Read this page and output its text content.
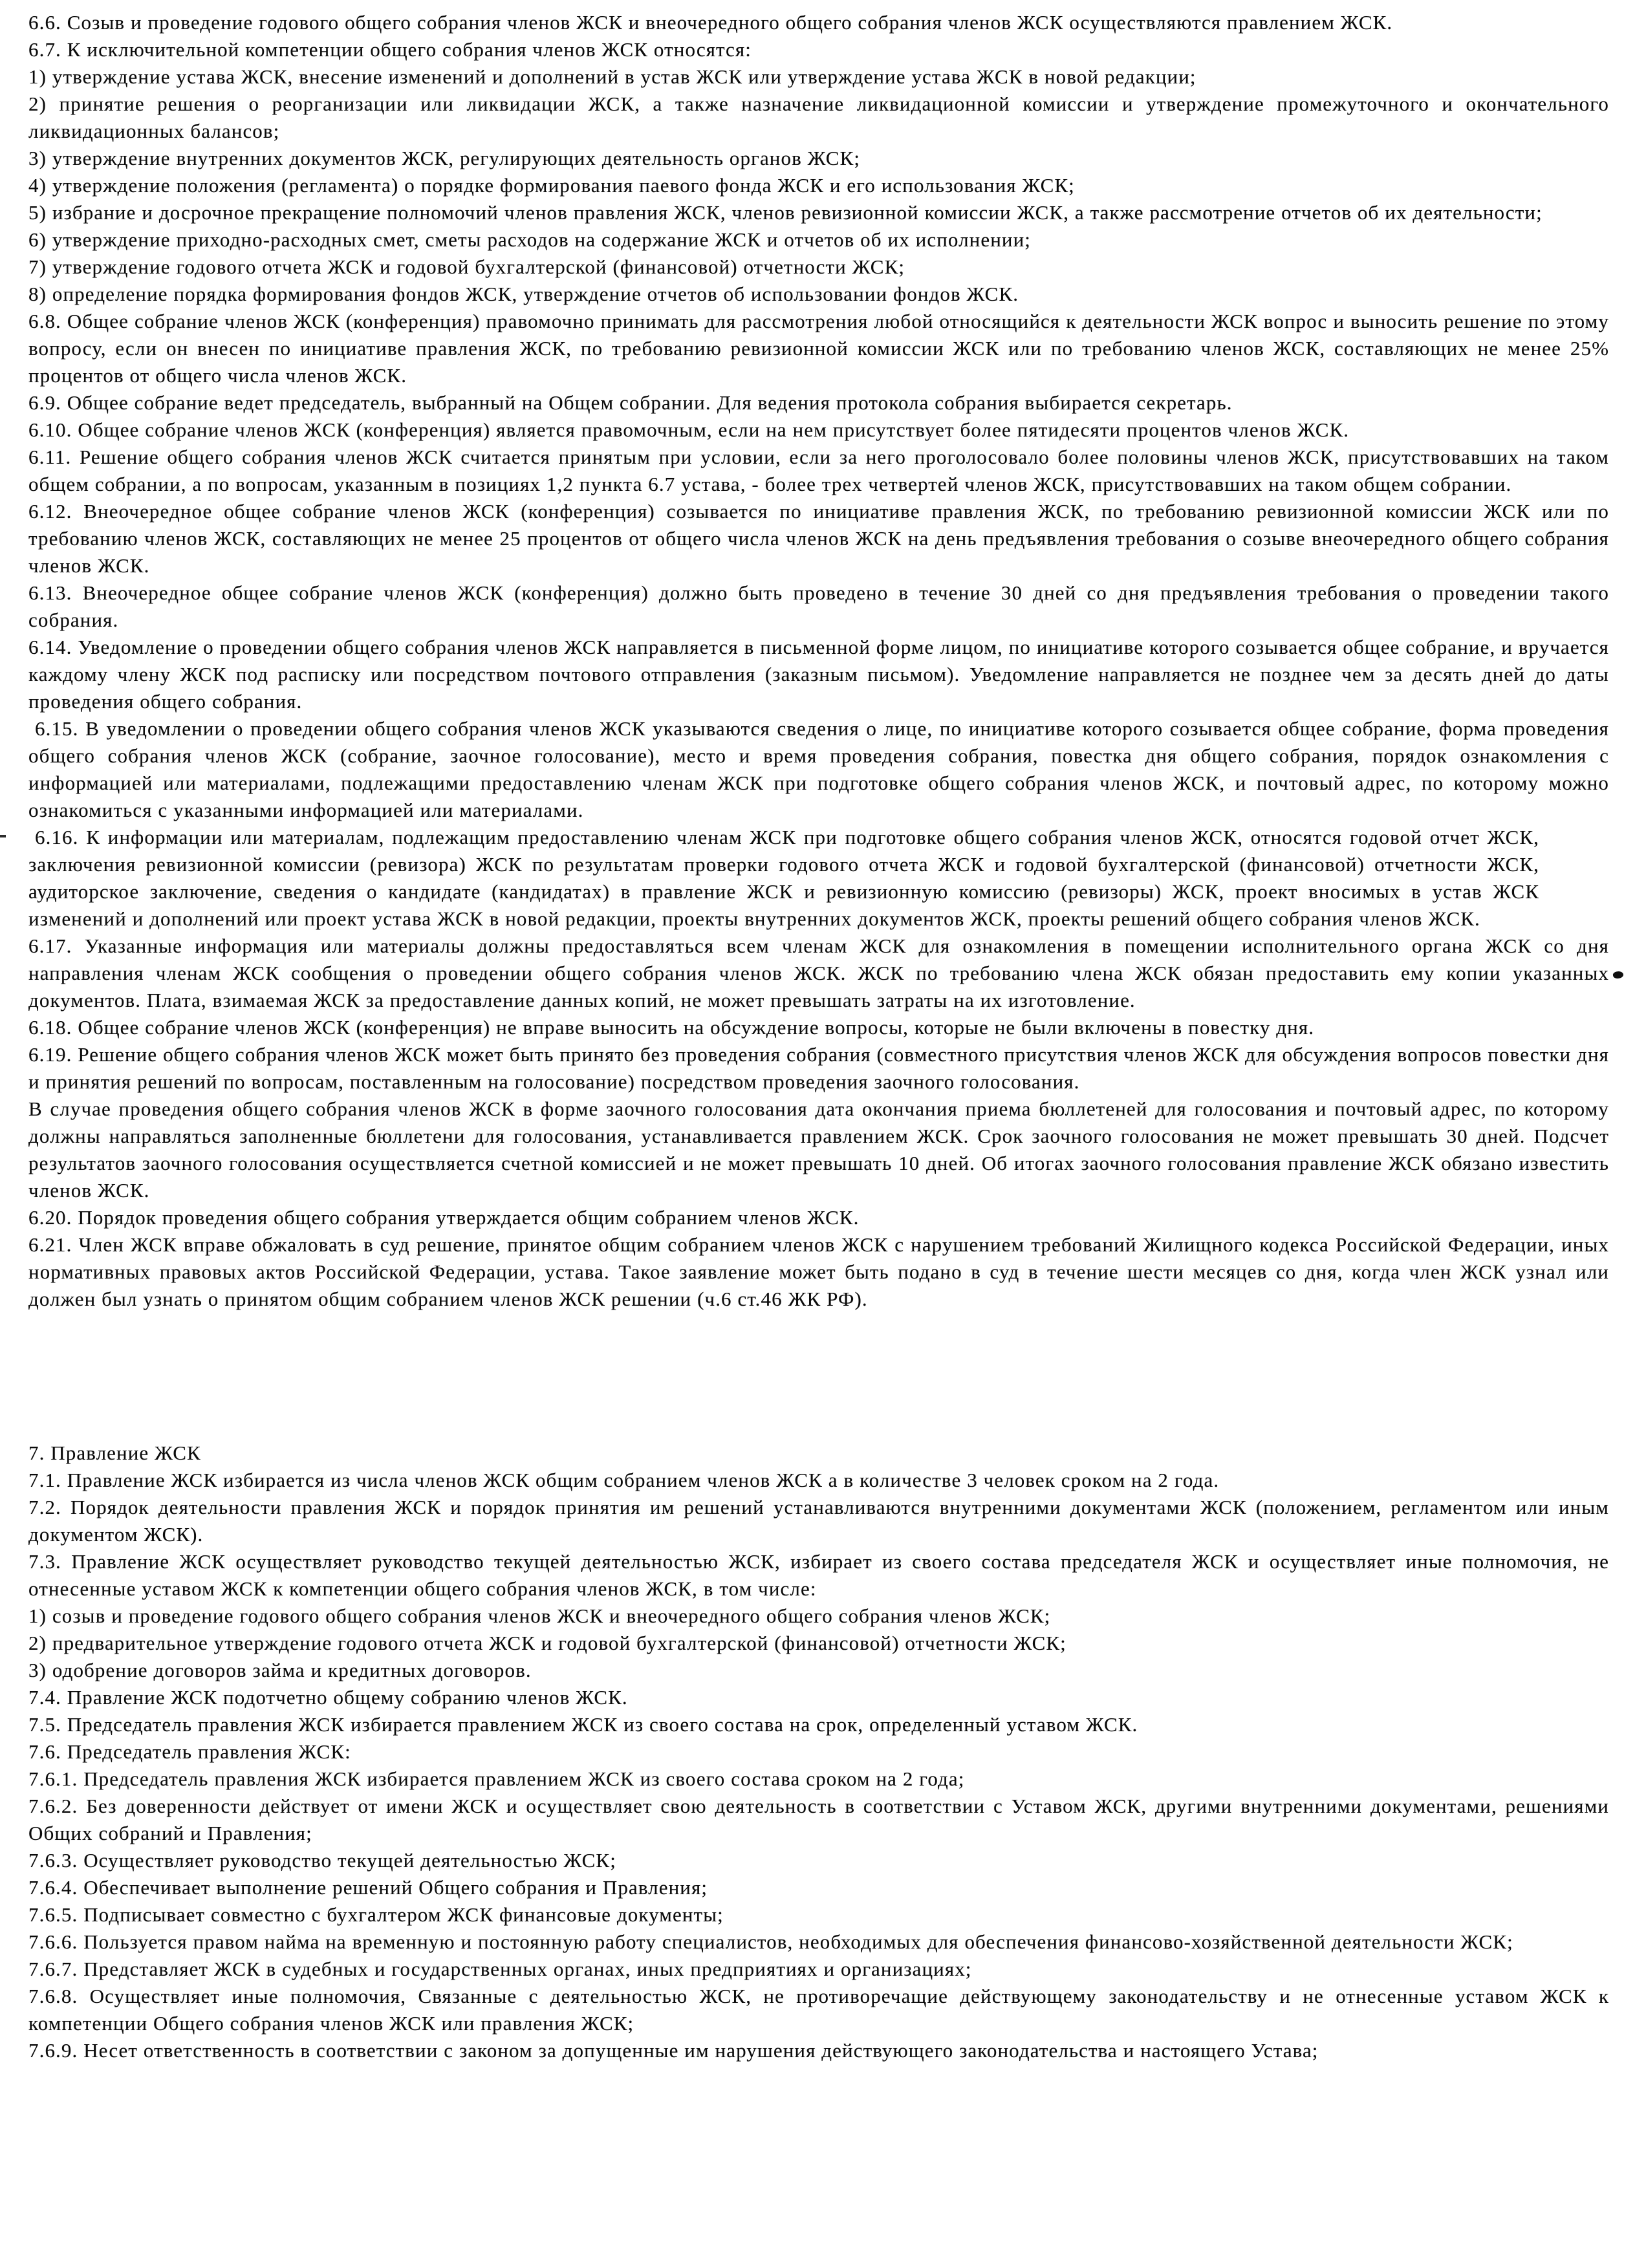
6.6. Созыв и проведение годового общего собрания членов ЖСК и внеочередного общего собрания членов ЖСК осуществляются правлением ЖСК.

6.7. К исключительной компетенции общего собрания членов ЖСК относятся:

1) утверждение устава ЖСК, внесение изменений и дополнений в устав ЖСК или утверждение устава ЖСК в новой редакции;

2) принятие решения о реорганизации или ликвидации ЖСК, а также назначение ликвидационной комиссии и утверждение промежуточного и окончательного ликвидационных балансов;

3) утверждение внутренних документов ЖСК, регулирующих деятельность органов ЖСК;

4) утверждение положения (регламента) о порядке формирования паевого фонда ЖСК и его использования ЖСК;

5) избрание и досрочное прекращение полномочий членов правления ЖСК, членов ревизионной комиссии ЖСК, а также рассмотрение отчетов об их деятельности;

6) утверждение приходно-расходных смет, сметы расходов на содержание ЖСК и отчетов об их исполнении;

7) утверждение годового отчета ЖСК и годовой бухгалтерской (финансовой) отчетности ЖСК;

8) определение порядка формирования фондов ЖСК, утверждение отчетов об использовании фондов ЖСК.

6.8. Общее собрание членов ЖСК (конференция) правомочно принимать для рассмотрения любой относящийся к деятельности ЖСК вопрос и выносить решение по этому вопросу, если он внесен по инициативе правления ЖСК, по требованию ревизионной комиссии ЖСК или по требованию членов ЖСК, составляющих не менее 25% процентов от общего числа членов ЖСК.

6.9. Общее собрание ведет председатель, выбранный на Общем собрании. Для ведения протокола собрания выбирается секретарь.

6.10. Общее собрание членов ЖСК (конференция) является правомочным, если на нем присутствует более пятидесяти процентов членов ЖСК.

6.11. Решение общего собрания членов ЖСК считается принятым при условии, если за него проголосовало более половины членов ЖСК, присутствовавших на таком общем собрании, а по вопросам, указанным в позициях 1,2 пункта 6.7 устава, - более трех четвертей членов ЖСК, присутствовавших на таком общем собрании.

6.12. Внеочередное общее собрание членов ЖСК (конференция) созывается по инициативе правления ЖСК, по требованию ревизионной комиссии ЖСК или по требованию членов ЖСК, составляющих не менее 25 процентов от общего числа членов ЖСК на день предъявления требования о созыве внеочередного общего собрания членов ЖСК.

6.13. Внеочередное общее собрание членов ЖСК (конференция) должно быть проведено в течение 30 дней со дня предъявления требования о проведении такого собрания.

6.14. Уведомление о проведении общего собрания членов ЖСК направляется в письменной форме лицом, по инициативе которого созывается общее собрание, и вручается каждому члену ЖСК под расписку или посредством почтового отправления (заказным письмом). Уведомление направляется не позднее чем за десять дней до даты проведения общего собрания.

6.15. В уведомлении о проведении общего собрания членов ЖСК указываются сведения о лице, по инициативе которого созывается общее собрание, форма проведения общего собрания членов ЖСК (собрание, заочное голосование), место и время проведения собрания, повестка дня общего собрания, порядок ознакомления с информацией или материалами, подлежащими предоставлению членам ЖСК при подготовке общего собрания членов ЖСК, и почтовый адрес, по которому можно ознакомиться с указанными информацией или материалами.

6.16. К информации или материалам, подлежащим предоставлению членам ЖСК при подготовке общего собрания членов ЖСК, относятся годовой отчет ЖСК, заключения ревизионной комиссии (ревизора) ЖСК по результатам проверки годового отчета ЖСК и годовой бухгалтерской (финансовой) отчетности ЖСК, аудиторское заключение, сведения о кандидате (кандидатах) в правление ЖСК и ревизионную комиссию (ревизоры) ЖСК, проект вносимых в устав ЖСК изменений и дополнений или проект устава ЖСК в новой редакции, проекты внутренних документов ЖСК, проекты решений общего собрания членов ЖСК.

6.17. Указанные информация или материалы должны предоставляться всем членам ЖСК для ознакомления в помещении исполнительного органа ЖСК со дня направления членам ЖСК сообщения о проведении общего собрания членов ЖСК. ЖСК по требованию члена ЖСК обязан предоставить ему копии указанных документов. Плата, взимаемая ЖСК за предоставление данных копий, не может превышать затраты на их изготовление.

6.18. Общее собрание членов ЖСК (конференция) не вправе выносить на обсуждение вопросы, которые не были включены в повестку дня.

6.19. Решение общего собрания членов ЖСК может быть принято без проведения собрания (совместного присутствия членов ЖСК для обсуждения вопросов повестки дня и принятия решений по вопросам, поставленным на голосование) посредством проведения заочного голосования.

В случае проведения общего собрания членов ЖСК в форме заочного голосования дата окончания приема бюллетеней для голосования и почтовый адрес, по которому должны направляться заполненные бюллетени для голосования, устанавливается правлением ЖСК. Срок заочного голосования не может превышать 30 дней. Подсчет результатов заочного голосования осуществляется счетной комиссией и не может превышать 10 дней. Об итогах заочного голосования правление ЖСК обязано известить членов ЖСК.

6.20. Порядок проведения общего собрания утверждается общим собранием членов ЖСК.

6.21. Член ЖСК вправе обжаловать в суд решение, принятое общим собранием членов ЖСК с нарушением требований Жилищного кодекса Российской Федерации, иных нормативных правовых актов Российской Федерации, устава. Такое заявление может быть подано в суд в течение шести месяцев со дня, когда член ЖСК узнал или должен был узнать о принятом общим собранием членов ЖСК решении (ч.6 ст.46 ЖК РФ).

7. Правление ЖСК

7.1. Правление ЖСК избирается из числа членов ЖСК общим собранием членов ЖСК а в количестве 3 человек сроком на 2 года.

7.2. Порядок деятельности правления ЖСК и порядок принятия им решений устанавливаются внутренними документами ЖСК (положением, регламентом или иным документом ЖСК).

7.3. Правление ЖСК осуществляет руководство текущей деятельностью ЖСК, избирает из своего состава председателя ЖСК и осуществляет иные полномочия, не отнесенные уставом ЖСК к компетенции общего собрания членов ЖСК, в том числе:

1) созыв и проведение годового общего собрания членов ЖСК и внеочередного общего собрания членов ЖСК;

2) предварительное утверждение годового отчета ЖСК и годовой бухгалтерской (финансовой) отчетности ЖСК;

3) одобрение договоров займа и кредитных договоров.

7.4. Правление ЖСК подотчетно общему собранию членов ЖСК.

7.5. Председатель правления ЖСК избирается правлением ЖСК из своего состава на срок, определенный уставом ЖСК.

7.6. Председатель правления ЖСК:

7.6.1. Председатель правления ЖСК избирается правлением ЖСК из своего состава сроком на 2 года;

7.6.2. Без доверенности действует от имени ЖСК и осуществляет свою деятельность в соответствии с Уставом ЖСК, другими внутренними документами, решениями Общих собраний и Правления;

7.6.3. Осуществляет руководство текущей деятельностью ЖСК;

7.6.4. Обеспечивает выполнение решений Общего собрания и Правления;

7.6.5. Подписывает совместно с бухгалтером ЖСК финансовые документы;

7.6.6. Пользуется правом найма на временную и постоянную работу специалистов, необходимых для обеспечения финансово-хозяйственной деятельности ЖСК;

7.6.7. Представляет ЖСК в судебных и государственных органах, иных предприятиях и организациях;

7.6.8. Осуществляет иные полномочия, Связанные с деятельностью ЖСК, не противоречащие действующему законодательству и не отнесенные уставом ЖСК к компетенции Общего собрания членов ЖСК или правления ЖСК;

7.6.9. Несет ответственность в соответствии с законом за допущенные им нарушения действующего законодательства и настоящего Устава;
